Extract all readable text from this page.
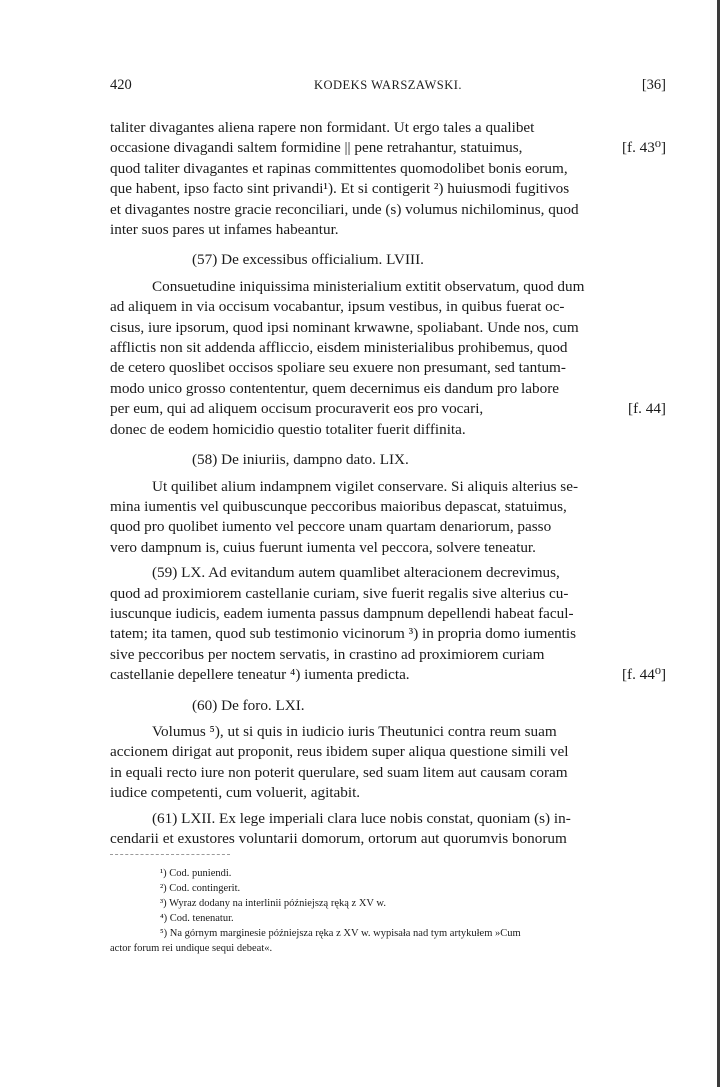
420	KODEKS WARSZAWSKI.	[36]

taliter divagantes aliena rapere non formidant. Ut ergo tales a qualibet

[f. 43⁰]
occasione divagandi saltem formidine || pene retrahantur, statuimus,

quod taliter divagantes et rapinas committentes quomodolibet bonis eorum,

que habent, ipso facto sint privandi¹). Et si contigerit ²) huiusmodi fugitivos

et divagantes nostre gracie reconciliari, unde (s) volumus nichilominus, quod

inter suos pares ut infames habeantur.

(57) De excessibus officialium. LVIII.

Consuetudine iniquissima ministerialium extitit observatum, quod dum

ad aliquem in via occisum vocabantur, ipsum vestibus, in quibus fuerat oc-

cisus, iure ipsorum, quod ipsi nominant krwawne, spoliabant. Unde nos, cum

afflictis non sit addenda affliccio, eisdem ministerialibus prohibemus, quod

de cetero quoslibet occisos spoliare seu exuere non presumant, sed tantum-

modo unico grosso contententur, quem decernimus eis dandum pro labore

[f. 44]
per eum, qui ad aliquem occisum procuraverit eos pro vocari,

donec de eodem homicidio questio totaliter fuerit diffinita.

(58) De iniuriis, dampno dato. LIX.

Ut quilibet alium indampnem vigilet conservare. Si aliquis alterius se-

mina iumentis vel quibuscunque peccoribus maioribus depascat, statuimus,

quod pro quolibet iumento vel peccore unam quartam denariorum, passo

vero dampnum is, cuius fuerunt iumenta vel peccora, solvere teneatur.

(59) LX. Ad evitandum autem quamlibet alteracionem decrevimus,

quod ad proximiorem castellanie curiam, sive fuerit regalis sive alterius cu-

iuscunque iudicis, eadem iumenta passus dampnum depellendi habeat facul-

tatem; ita tamen, quod sub testimonio vicinorum ³) in propria domo iumentis

sive peccoribus per noctem servatis, in crastino ad proximiorem curiam

[f. 44⁰]
castellanie depellere teneatur ⁴) iumenta predicta.

(60) De foro. LXI.

Volumus ⁵), ut si quis in iudicio iuris Theutunici contra reum suam

accionem dirigat aut proponit, reus ibidem super aliqua questione simili vel

in equali recto iure non poterit querulare, sed suam litem aut causam coram

iudice competenti, cum voluerit, agitabit.

(61) LXII. Ex lege imperiali clara luce nobis constat, quoniam (s) in-

cendarii et exustores voluntarii domorum, ortorum aut quorumvis bonorum

¹) Cod. puniendi.
²) Cod. contingerit.
³) Wyraz dodany na interlinii późniejszą ręką z XV w.
⁴) Cod. tenenatur.
⁵) Na górnym marginesie późniejsza ręka z XV w. wypisała nad tym artykułem »Cum
actor forum rei undique sequi debeat«.
